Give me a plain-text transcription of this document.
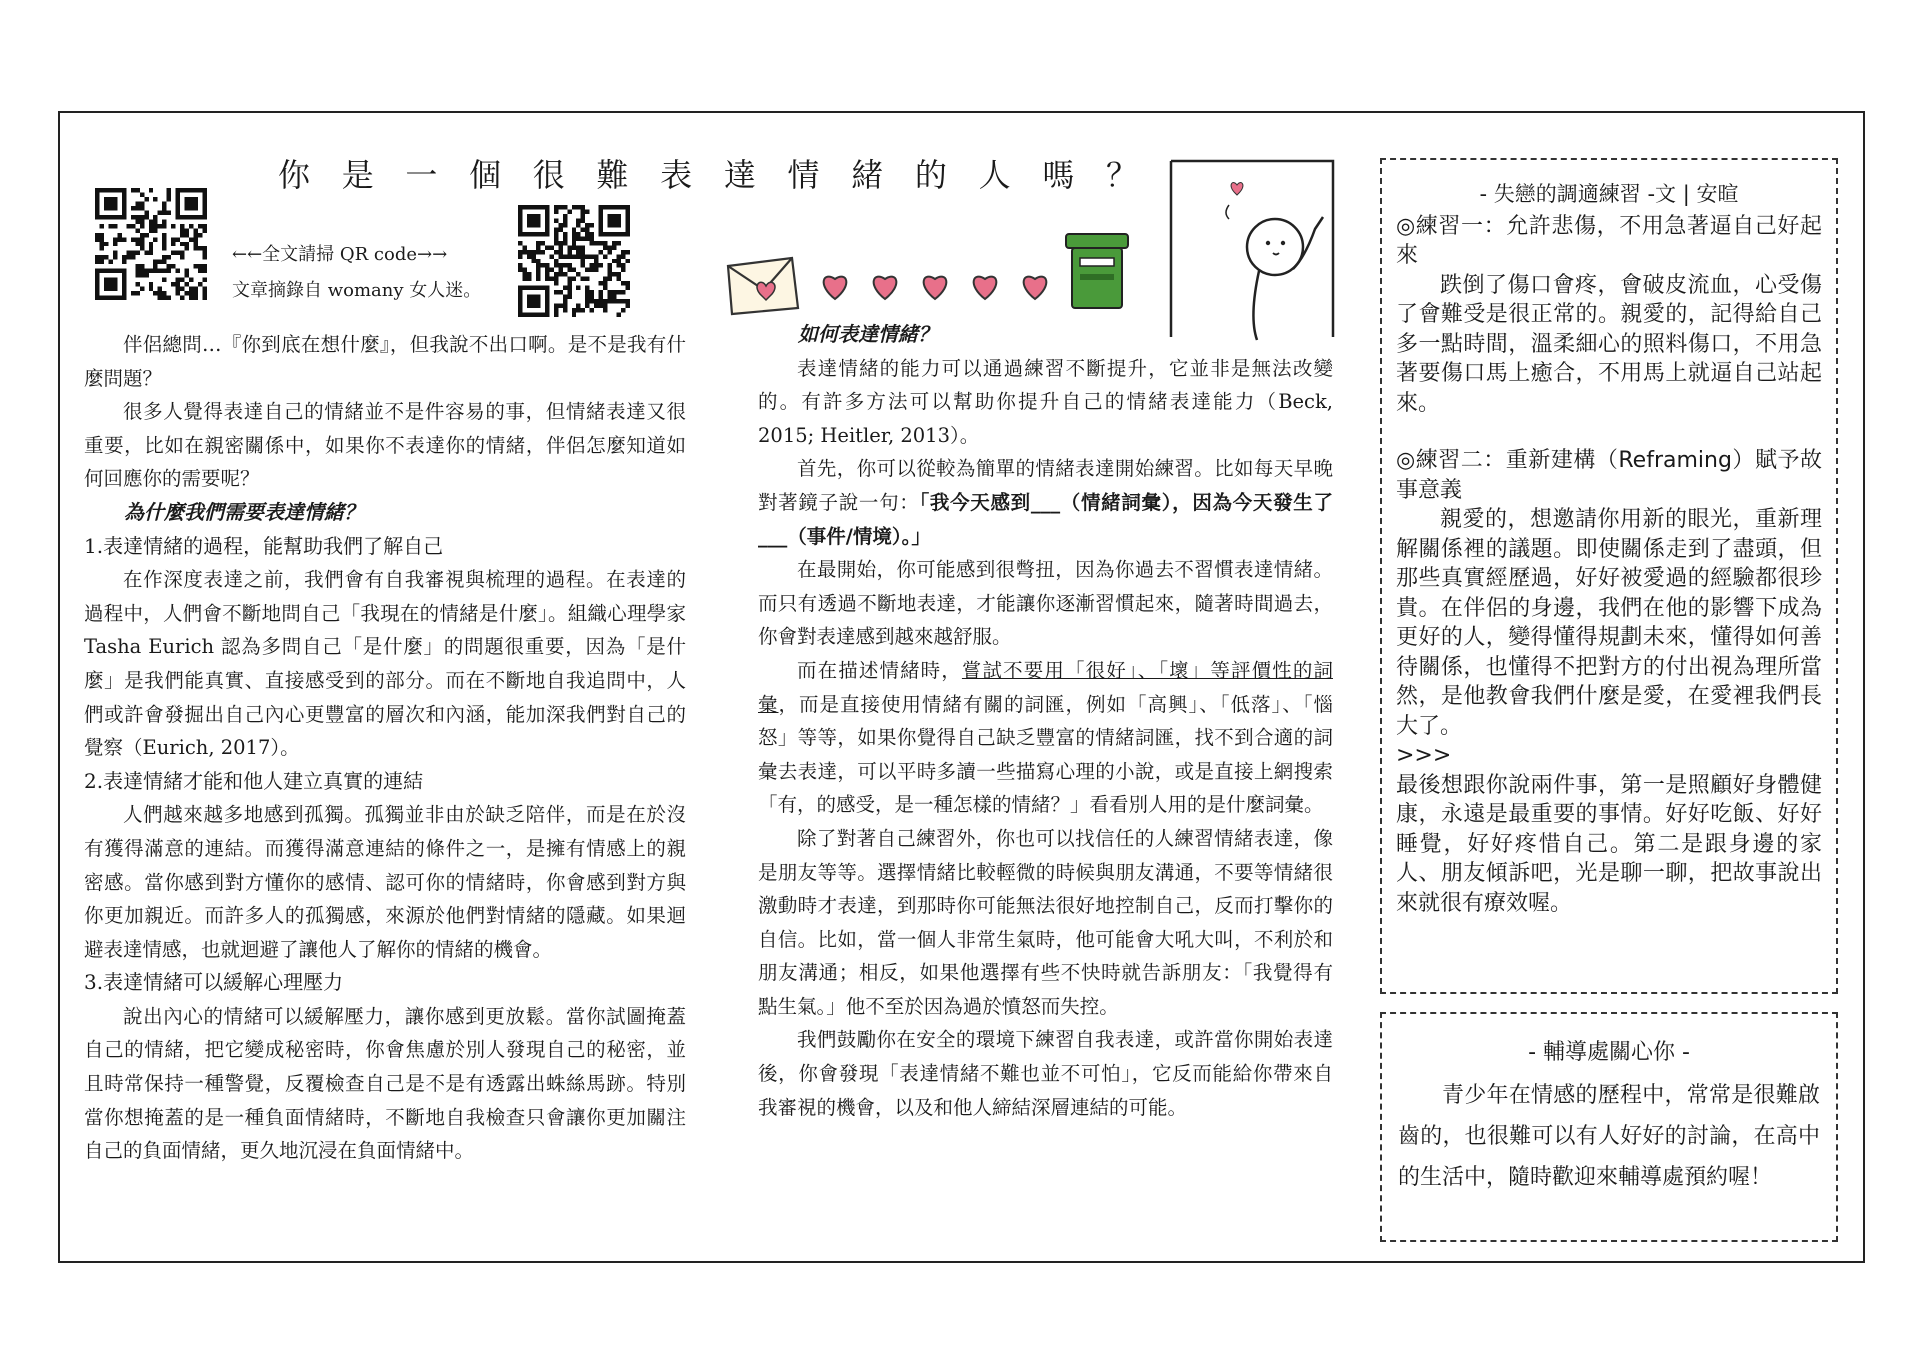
你 是 一 個 很 難 表 達 情 緒 的 人 嗎 ？
←←全文請掃 QR code→→
文章摘錄自 womany 女人迷。

伴侶總問…『你到底在想什麼』，但我說不出口啊。是不是我有什麼問題？

很多人覺得表達自己的情緒並不是件容易的事，但情緒表達又很重要，比如在親密關係中，如果你不表達你的情緒，伴侶怎麼知道如何回應你的需要呢？

為什麼我們需要表達情緒？
1.表達情緒的過程，能幫助我們了解自己

在作深度表達之前，我們會有自我審視與梳理的過程。在表達的過程中，人們會不斷地問自己「我現在的情緒是什麼」。組織心理學家 Tasha Eurich 認為多問自己「是什麼」的問題很重要，因為「是什麼」是我們能真實、直接感受到的部分。而在不斷地自我追問中，人們或許會發掘出自己內心更豐富的層次和內涵，能加深我們對自己的覺察（Eurich, 2017）。

2.表達情緒才能和他人建立真實的連結

人們越來越多地感到孤獨。孤獨並非由於缺乏陪伴，而是在於沒有獲得滿意的連結。而獲得滿意連結的條件之一，是擁有情感上的親密感。當你感到對方懂你的感情、認可你的情緒時，你會感到對方與你更加親近。而許多人的孤獨感，來源於他們對情緒的隱藏。如果迴避表達情感，也就迴避了讓他人了解你的情緒的機會。

3.表達情緒可以緩解心理壓力

說出內心的情緒可以緩解壓力，讓你感到更放鬆。當你試圖掩蓋自己的情緒，把它變成秘密時，你會焦慮於別人發現自己的秘密，並且時常保持一種警覺，反覆檢查自己是不是有透露出蛛絲馬跡。特別當你想掩蓋的是一種負面情緒時，不斷地自我檢查只會讓你更加關注自己的負面情緒，更久地沉浸在負面情緒中。

如何表達情緒？

表達情緒的能力可以通過練習不斷提升，它並非是無法改變的。有許多方法可以幫助你提升自己的情緒表達能力（Beck, 2015; Heitler, 2013）。

首先，你可以從較為簡單的情緒表達開始練習。比如每天早晚對著鏡子說一句：「我今天感到___（情緒詞彙），因為今天發生了___（事件/情境）。」

在最開始，你可能感到很彆扭，因為你過去不習慣表達情緒。而只有透過不斷地表達，才能讓你逐漸習慣起來，隨著時間過去，你會對表達感到越來越舒服。

而在描述情緒時，嘗試不要用「很好」、「壞」等評價性的詞彙，而是直接使用情緒有關的詞匯，例如「高興」、「低落」、「惱怒」等等，如果你覺得自己缺乏豐富的情緒詞匯，找不到合適的詞彙去表達，可以平時多讀一些描寫心理的小說，或是直接上網搜索「有，的感受，是一種怎樣的情緒？」看看別人用的是什麼詞彙。

除了對著自己練習外，你也可以找信任的人練習情緒表達，像是朋友等等。選擇情緒比較輕微的時候與朋友溝通，不要等情緒很激動時才表達，到那時你可能無法很好地控制自己，反而打擊你的自信。比如，當一個人非常生氣時，他可能會大吼大叫，不利於和朋友溝通；相反，如果他選擇有些不快時就告訴朋友：「我覺得有點生氣。」他不至於因為過於憤怒而失控。

我們鼓勵你在安全的環境下練習自我表達，或許當你開始表達後，你會發現「表達情緒不難也並不可怕」，它反而能給你帶來自我審視的機會，以及和他人締結深層連結的可能。

- 失戀的調適練習 -文 | 安暄

◎練習一：允許悲傷，不用急著逼自己好起來

跌倒了傷口會疼，會破皮流血，心受傷了會難受是很正常的。親愛的，記得給自己多一點時間，溫柔細心的照料傷口，不用急著要傷口馬上癒合，不用馬上就逼自己站起來。

◎練習二：重新建構（Reframing）賦予故事意義

親愛的，想邀請你用新的眼光，重新理解關係裡的議題。即使關係走到了盡頭，但那些真實經歷過，好好被愛過的經驗都很珍貴。在伴侶的身邊，我們在他的影響下成為更好的人，變得懂得規劃未來，懂得如何善待關係，也懂得不把對方的付出視為理所當然，是他教會我們什麼是愛，在愛裡我們長大了。

>>>

最後想跟你說兩件事，第一是照顧好身體健康，永遠是最重要的事情。好好吃飯、好好睡覺，好好疼惜自己。第二是跟身邊的家人、朋友傾訴吧，光是聊一聊，把故事說出來就很有療效喔。

- 輔導處關心你 -

青少年在情感的歷程中，常常是很難啟齒的，也很難可以有人好好的討論，在高中的生活中，隨時歡迎來輔導處預約喔！
